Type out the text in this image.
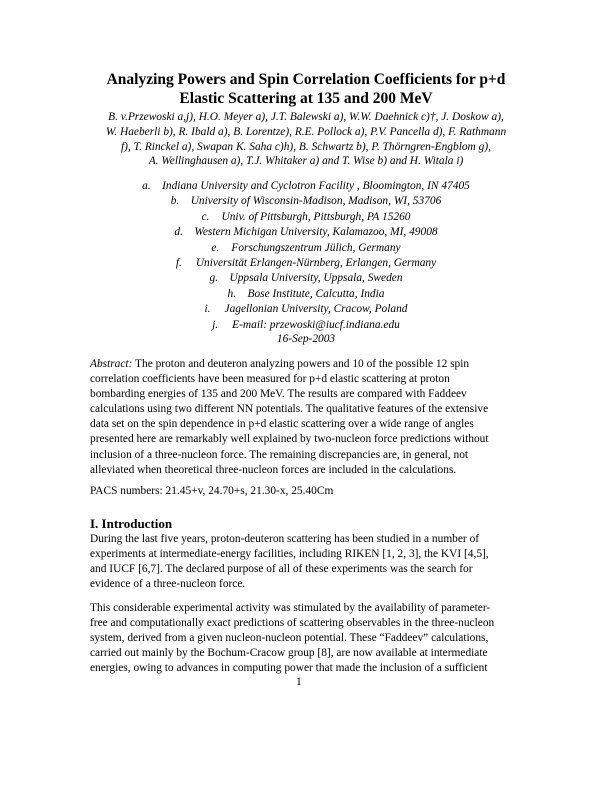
Analyzing Powers and Spin Correlation Coefficients for p+d
Elastic Scattering at 135 and 200 MeV
B. v.Przewoski a,j), H.O. Meyer a), J.T. Balewski a), W.W. Daehnick c)†, J. Doskow a),
W. Haeberli b), R. Ibald a), B. Lorentze), R.E. Pollock a), P.V. Pancella d), F. Rathmann
f), T. Rinckel a), Swapan K. Saha c)h), B. Schwartz b), P. Thörngren-Engblom g),
A. Wellinghausen a), T.J. Whitaker a) and T. Wise b) and H. Witala i)
a. Indiana University and Cyclotron Facility , Bloomington, IN 47405
b. University of Wisconsin-Madison, Madison, WI, 53706
c. Univ. of Pittsburgh, Pittsburgh, PA 15260
d. Western Michigan University, Kalamazoo, MI, 49008
e. Forschungszentrum Jülich, Germany
f. Universität Erlangen-Nürnberg, Erlangen, Germany
g. Uppsala University, Uppsala, Sweden
h. Bose Institute, Calcutta, India
i. Jagellonian University, Cracow, Poland
j. E-mail: przewoski@iucf.indiana.edu
16-Sep-2003
Abstract: The proton and deuteron analyzing powers and 10 of the possible 12 spin
correlation coefficients have been measured for p+d elastic scattering at proton
bombarding energies of 135 and 200 MeV. The results are compared with Faddeev
calculations using two different NN potentials. The qualitative features of the extensive
data set on the spin dependence in p+d elastic scattering over a wide range of angles
presented here are remarkably well explained by two-nucleon force predictions without
inclusion of a three-nucleon force. The remaining discrepancies are, in general, not
alleviated when theoretical three-nucleon forces are included in the calculations.
PACS numbers: 21.45+v, 24.70+s, 21.30-x, 25.40Cm
I. Introduction
During the last five years, proton-deuteron scattering has been studied in a number of
experiments at intermediate-energy facilities, including RIKEN [1, 2, 3], the KVI [4,5],
and IUCF [6,7]. The declared purpose of all of these experiments was the search for
evidence of a three-nucleon force.
This considerable experimental activity was stimulated by the availability of parameter-
free and computationally exact predictions of scattering observables in the three-nucleon
system, derived from a given nucleon-nucleon potential. These “Faddeev” calculations,
carried out mainly by the Bochum-Cracow group [8], are now available at intermediate
energies, owing to advances in computing power that made the inclusion of a sufficient
1
